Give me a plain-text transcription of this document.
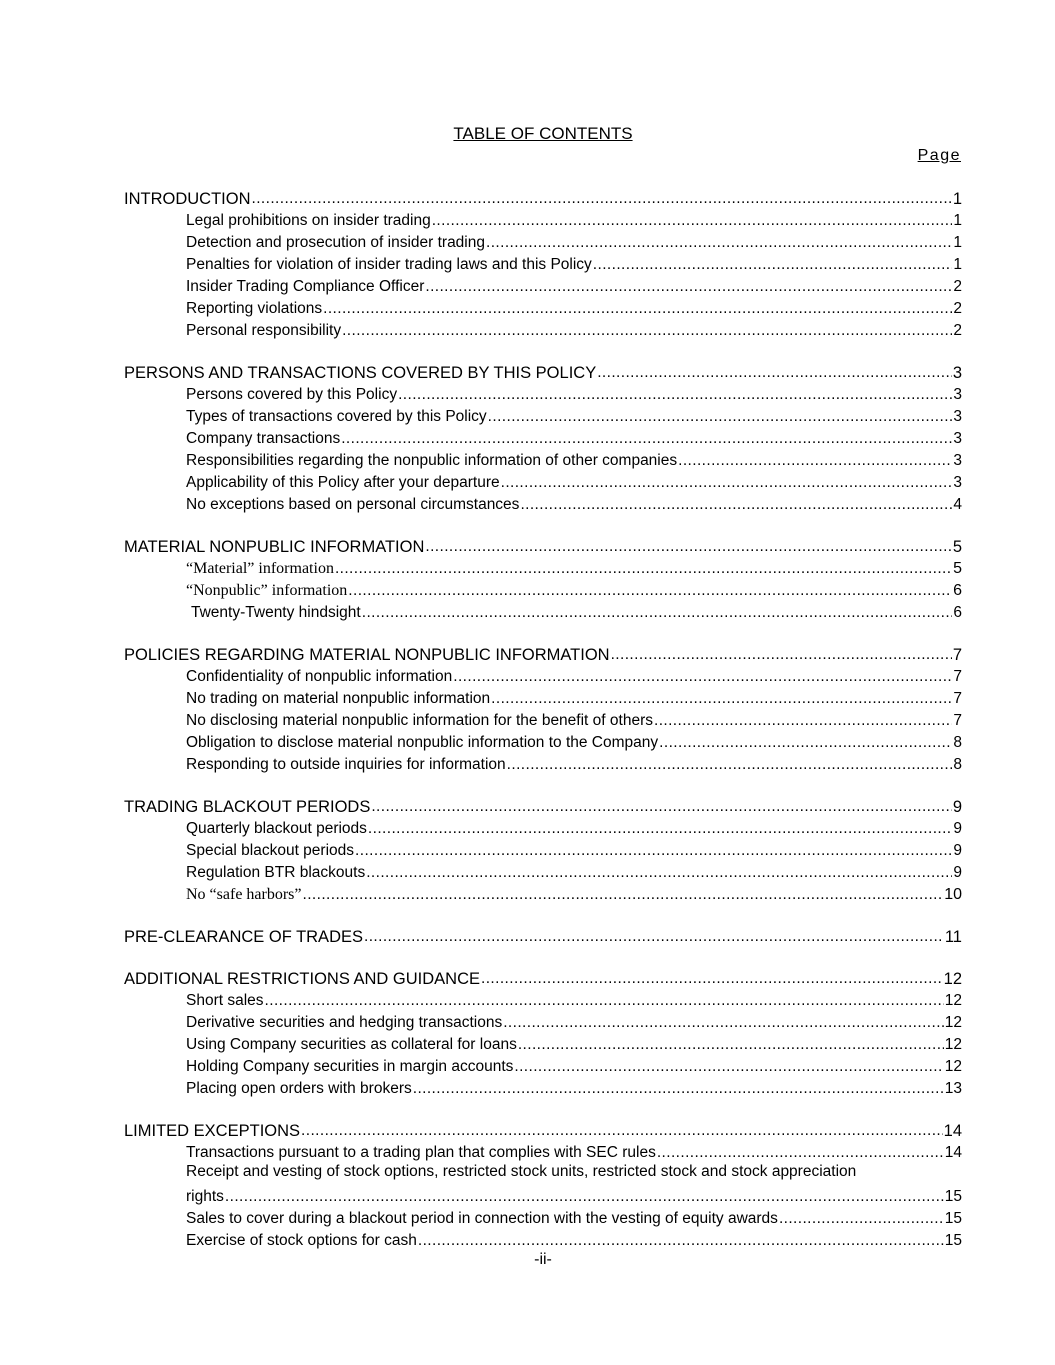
TABLE OF CONTENTS
Page
INTRODUCTION .....	1
Legal prohibitions on insider trading .....	1
Detection and prosecution of insider trading .....	1
Penalties for violation of insider trading laws and this Policy .....	1
Insider Trading Compliance Officer .....	2
Reporting violations .....	2
Personal responsibility .....	2
PERSONS AND TRANSACTIONS COVERED BY THIS POLICY .....	3
Persons covered by this Policy .....	3
Types of transactions covered by this Policy .....	3
Company transactions .....	3
Responsibilities regarding the nonpublic information of other companies .....	3
Applicability of this Policy after your departure .....	3
No exceptions based on personal circumstances .....	4
MATERIAL NONPUBLIC INFORMATION .....	5
“Material” information .....	5
“Nonpublic” information .....	6
Twenty-Twenty hindsight .....	6
POLICIES REGARDING MATERIAL NONPUBLIC INFORMATION .....	7
Confidentiality of nonpublic information .....	7
No trading on material nonpublic information .....	7
No disclosing material nonpublic information for the benefit of others .....	7
Obligation to disclose material nonpublic information to the Company .....	8
Responding to outside inquiries for information .....	8
TRADING BLACKOUT PERIODS .....	9
Quarterly blackout periods .....	9
Special blackout periods .....	9
Regulation BTR blackouts .....	9
No “safe harbors” .....	10
PRE-CLEARANCE OF TRADES .....	11
ADDITIONAL RESTRICTIONS AND GUIDANCE .....	12
Short sales .....	12
Derivative securities and hedging transactions .....	12
Using Company securities as collateral for loans .....	12
Holding Company securities in margin accounts .....	12
Placing open orders with brokers .....	13
LIMITED EXCEPTIONS .....	14
Transactions pursuant to a trading plan that complies with SEC rules .....	14
Receipt and vesting of stock options, restricted stock units, restricted stock and stock appreciation
rights .....	15
Sales to cover during a blackout period in connection with the vesting of equity awards .....	15
Exercise of stock options for cash .....	15
-ii-
